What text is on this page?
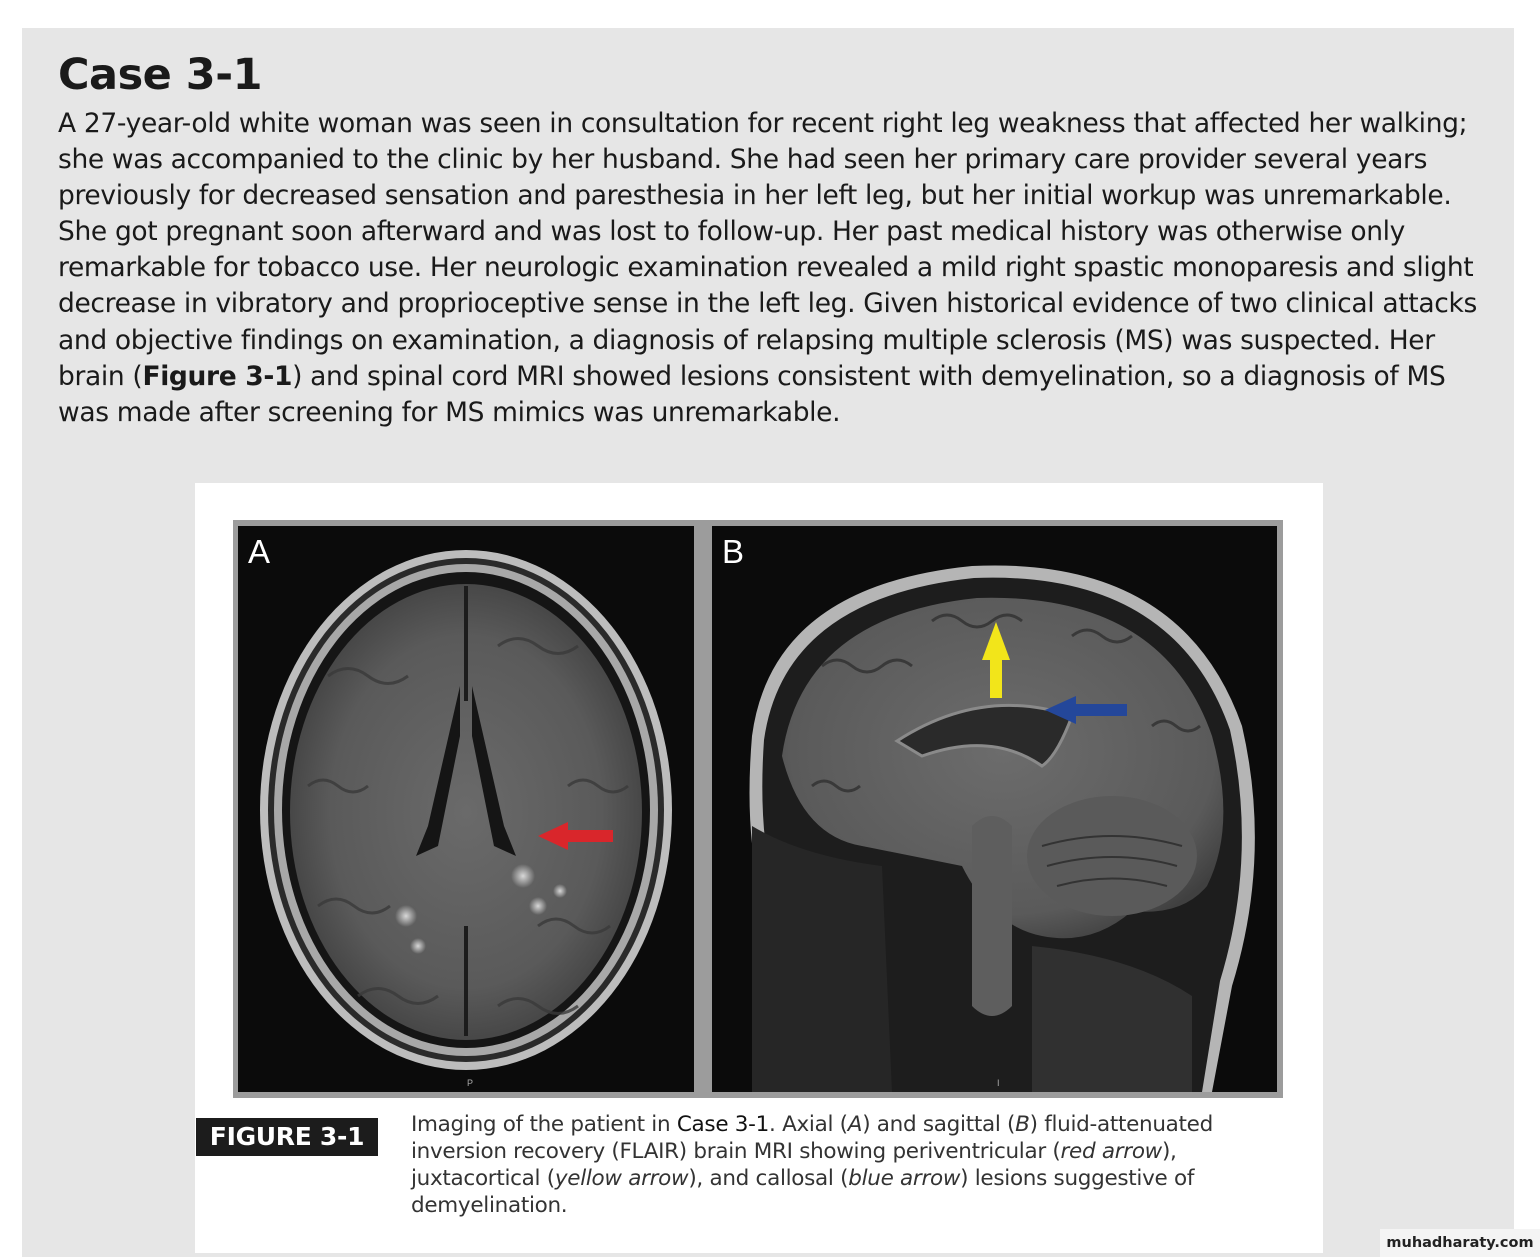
Case 3-1

A 27-year-old white woman was seen in consultation for recent right leg weakness that affected her walking; she was accompanied to the clinic by her husband. She had seen her primary care provider several years previously for decreased sensation and paresthesia in her left leg, but her initial workup was unremarkable. She got pregnant soon afterward and was lost to follow-up. Her past medical history was otherwise only remarkable for tobacco use. Her neurologic examination revealed a mild right spastic monoparesis and slight decrease in vibratory and proprioceptive sense in the left leg. Given historical evidence of two clinical attacks and objective findings on examination, a diagnosis of relapsing multiple sclerosis (MS) was suspected. Her brain (Figure 3-1) and spinal cord MRI showed lesions consistent with demyelination, so a diagnosis of MS was made after screening for MS mimics was unremarkable.

A
P
B
I
FIGURE 3-1	Imaging of the patient in Case 3-1. Axial (A) and sagittal (B) fluid-attenuated inversion recovery (FLAIR) brain MRI showing periventricular (red arrow), juxtacortical (yellow arrow), and callosal (blue arrow) lesions suggestive of demyelination.

muhadharaty.com
